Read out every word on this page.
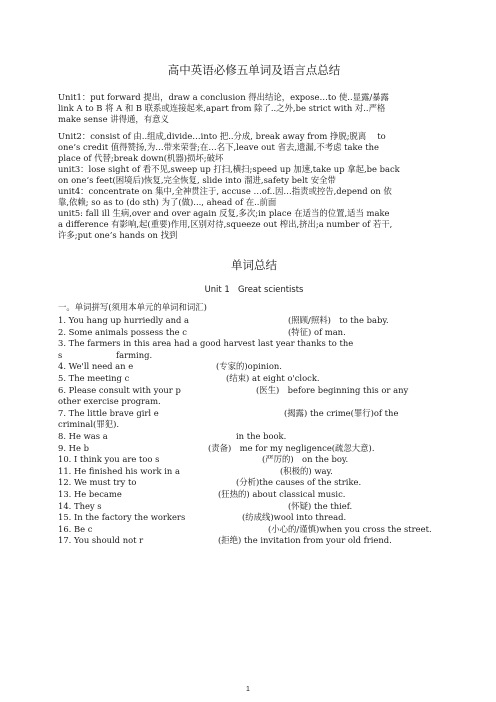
高中英语必修五单词及语言点总结

Unit1：put forward 提出，draw a conclusion 得出结论，expose…to 使..显露/暴露

link A to B 将 A 和 B 联系或连接起来,apart from 除了..之外,be strict with 对..严格

make sense 讲得通，有意义

Unit2：consist of 由..组成,divide…into 把..分成, break away from 挣脱;脱离　 to

one’s credit 值得赞扬,为…带来荣誉;在…名下,leave out 省去,遗漏,不考虑 take the

place of 代替;break down(机器)损坏;破坏

unit3：lose sight of 看不见,sweep up 打扫,横扫;speed up 加速,take up 拿起,be back

on one’s feet(困境后)恢复,完全恢复, slide into 溜进,safety belt 安全带

unit4：concentrate on 集中,全神贯注于, accuse …of..因…指责或控告,depend on 依

靠,依赖; so as to (do sth) 为了(做)..., ahead of 在..前面

unit5: fall ill 生病,over and over again 反复,多次;in place 在适当的位置,适当 make

a difference 有影响,起(重要)作用,区别对待,squeeze out 榨出,挤出;a number of 若干,

许多;put one’s hands on 找到

单词总结
Unit 1　Great scientists
一。单词拼写(须用本单元的单词和词汇)
1. You hang up hurriedly and a	(照顾/照料)　to the baby.
2. Some animals possess the c	(特征) of man.
3. The farmers in this area had a good harvest last year thanks to the
s	farming.
4. We'll need an e	(专家的)opinion.
5. The meeting c	(结束) at eight o'clock.
6. Please consult with your p	(医生)　before beginning this or any
other exercise program.
7. The little brave girl e	(揭露) the crime(罪行)of the
criminal(罪犯).
8. He was a	in the book.
9. He b	(责备)　me for my negligence(疏忽大意).
10. I think you are too s	(严厉的)　on the boy.
11. He finished his work in a	(积极的) way.
12. We must try to	(分析)the causes of the strike.
13. He became	(狂热的) about classical music.
14. They s	(怀疑) the thief.
15. In the factory the workers	(纺成线)wool into thread.
16. Be c	(小心的/谨慎)when you cross the street.
17. You should not r	(拒绝) the invitation from your old friend.
1
